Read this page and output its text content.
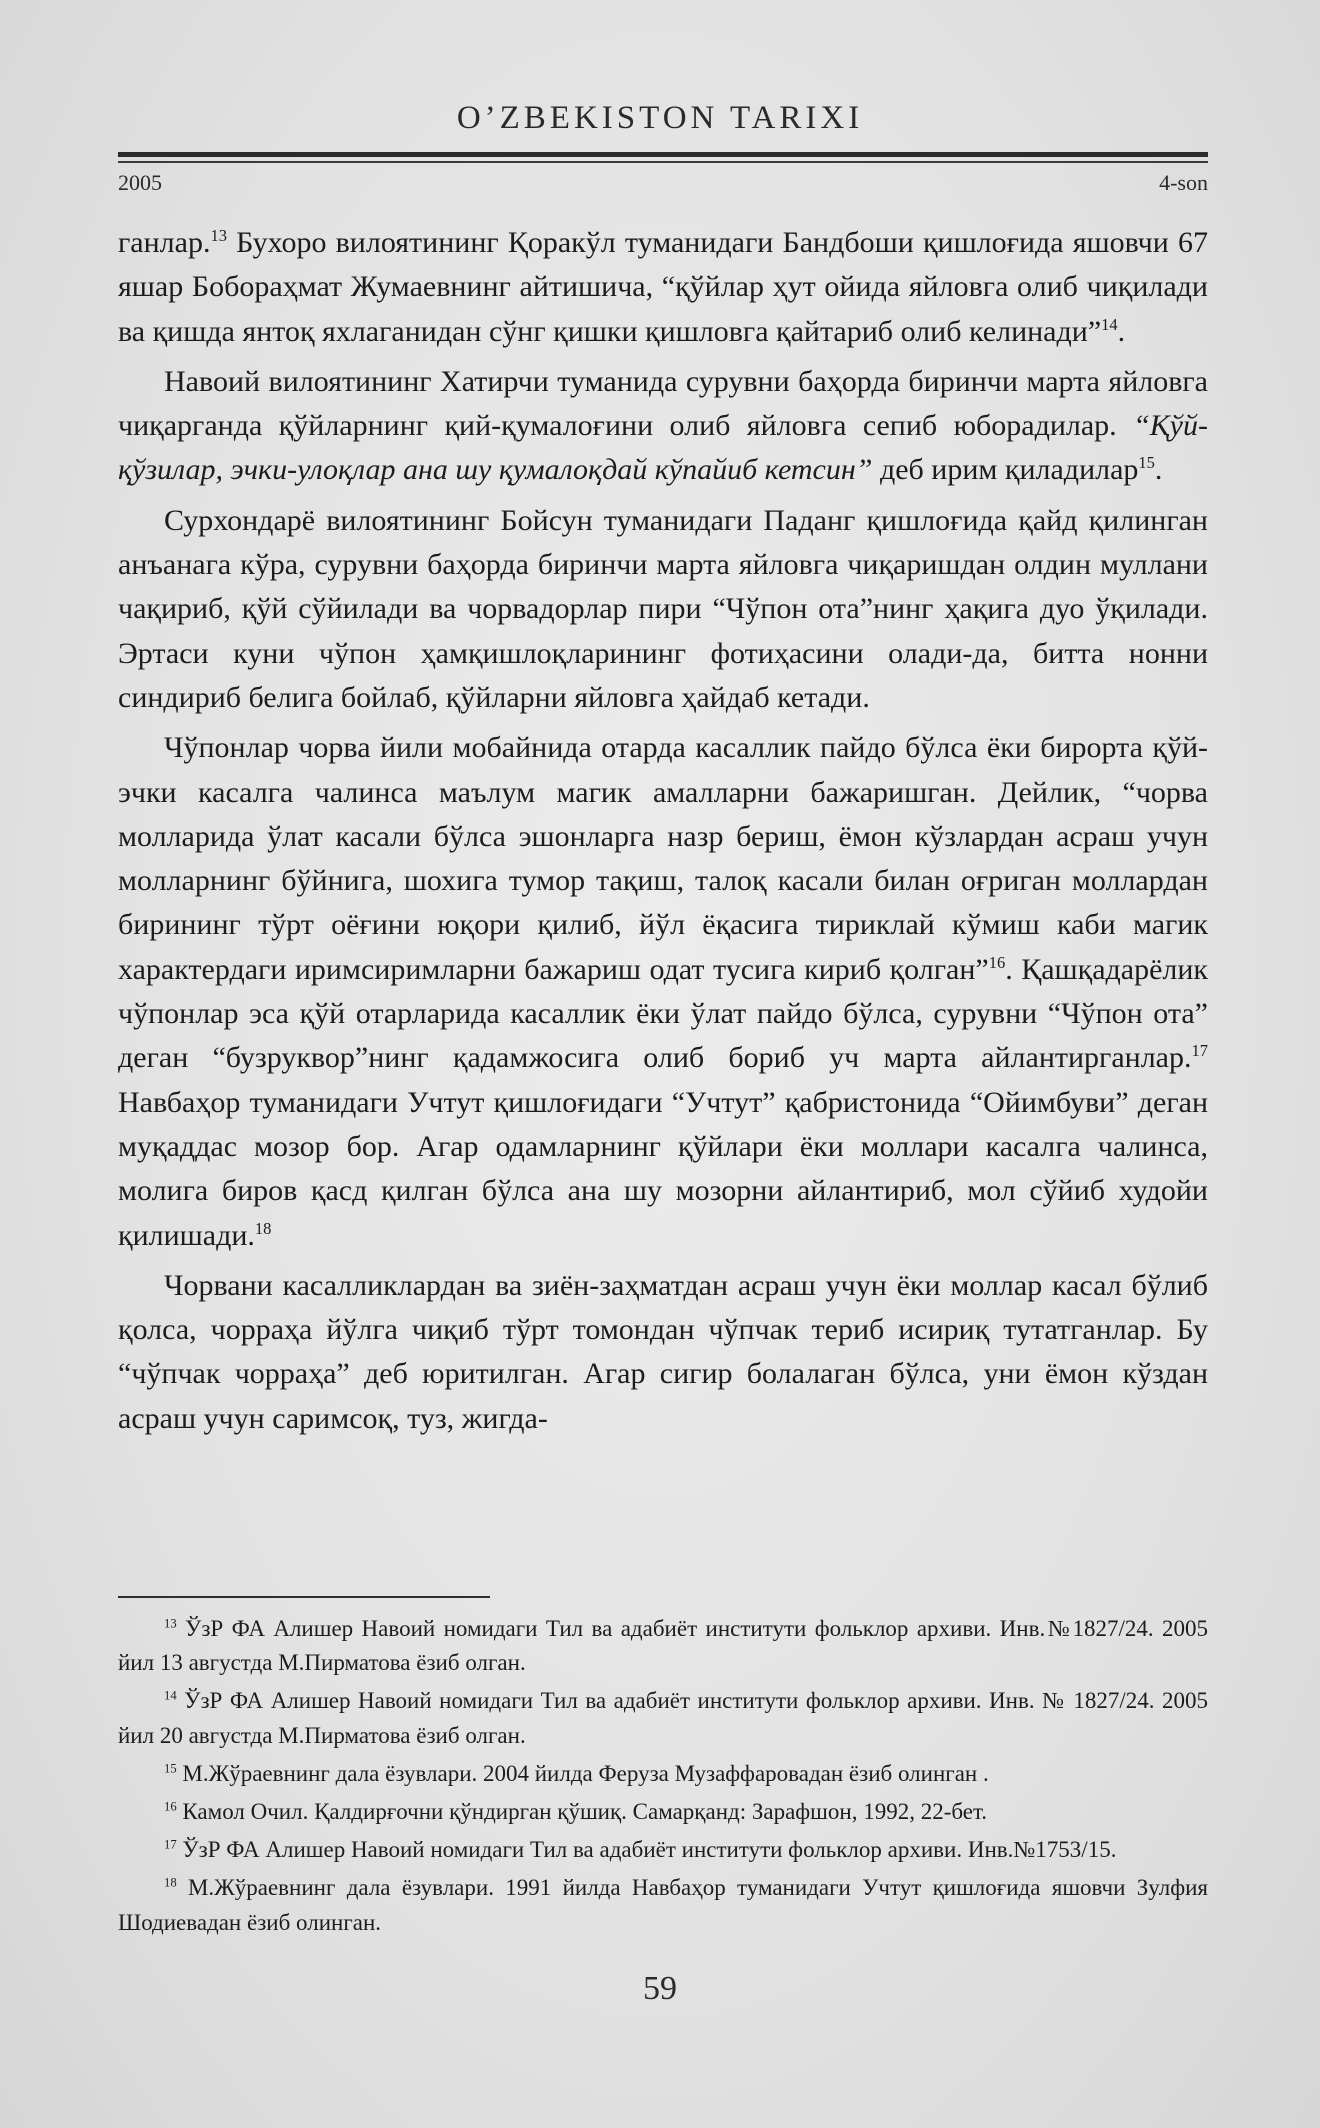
O’ZBEKISTON TARIXI
2005	4-son

ганлар.$^{13}$ Бухоро вилоятининг Қоракўл туманидаги Бандбоши қишлоғида яшовчи 67 яшар Бобораҳмат Жумаевнинг айтишича, “қўйлар ҳут ойида яйловга олиб чиқилади ва қишда янтоқ яхлаганидан сўнг қишки қишловга қайтариб олиб келинади”$^{14}$.

Навоий вилоятининг Хатирчи туманида сурувни баҳорда биринчи марта яйловга чиқарганда қўйларнинг қий-қумалоғини олиб яйловга сепиб юборадилар. “Қўй-қўзилар, эчки-улоқлар ана шу қумалоқдай кўпайиб кетсин” деб ирим қиладилар$^{15}$.

Сурхондарё вилоятининг Бойсун туманидаги Паданг қишлоғида қайд қилинган анъанага кўра, сурувни баҳорда биринчи марта яйловга чиқаришдан олдин муллани чақириб, қўй сўйилади ва чорвадорлар пири “Чўпон ота”нинг ҳақига дуо ўқилади. Эртаси куни чўпон ҳамқишлоқларининг фотиҳасини олади-да, битта нонни синдириб белига бойлаб, қўйларни яйловга ҳайдаб кетади.

Чўпонлар чорва йили мобайнида отарда касаллик пайдо бўлса ёки бирорта қўй-эчки касалга чалинса маълум магик амалларни бажаришган. Дейлик, “чорва молларида ўлат касали бўлса эшонларга назр бериш, ёмон кўзлардан асраш учун молларнинг бўйнига, шохига тумор тақиш, талоқ касали билан оғриган моллардан бирининг тўрт оёғини юқори қилиб, йўл ёқасига тириклай кўмиш каби магик характердаги иримсиримларни бажариш одат тусига кириб қолган”$^{16}$. Қашқадарёлик чўпонлар эса қўй отарларида касаллик ёки ўлат пайдо бўлса, сурувни “Чўпон ота” деган “бузруквор”нинг қадамжосига олиб бориб уч марта айлантирганлар.$^{17}$ Навбаҳор туманидаги Учтут қишлоғидаги “Учтут” қабристонида “Ойимбуви” деган муқаддас мозор бор. Агар одамларнинг қўйлари ёки моллари касалга чалинса, молига биров қасд қилган бўлса ана шу мозорни айлантириб, мол сўйиб худойи қилишади.$^{18}$

Чорвани касалликлардан ва зиён-заҳматдан асраш учун ёки моллар касал бўлиб қолса, чорраҳа йўлга чиқиб тўрт томондан чўпчак териб исириқ тутатганлар. Бу “чўпчак чорраҳа” деб юритилган. Агар сигир болалаган бўлса, уни ёмон кўздан асраш учун саримсоқ, туз, жигда-

$^{13}$ ЎзР ФА Алишер Навоий номидаги Тил ва адабиёт институти фольклор архиви. Инв.№1827/24. 2005 йил 13 августда М.Пирматова ёзиб олган.

$^{14}$ ЎзР ФА Алишер Навоий номидаги Тил ва адабиёт институти фольклор архиви. Инв. № 1827/24. 2005 йил 20 августда М.Пирматова ёзиб олган.

$^{15}$ М.Жўраевнинг дала ёзувлари. 2004 йилда Феруза Музаффаровадан ёзиб олинган .

$^{16}$ Камол Очил. Қалдирғочни қўндирган қўшиқ. Самарқанд: Зарафшон, 1992, 22-бет.

$^{17}$ ЎзР ФА Алишер Навоий номидаги Тил ва адабиёт институти фольклор архиви. Инв.№1753/15.

$^{18}$ М.Жўраевнинг дала ёзувлари. 1991 йилда Навбаҳор туманидаги Учтут қишлоғида яшовчи Зулфия Шодиевадан ёзиб олинган.

59
